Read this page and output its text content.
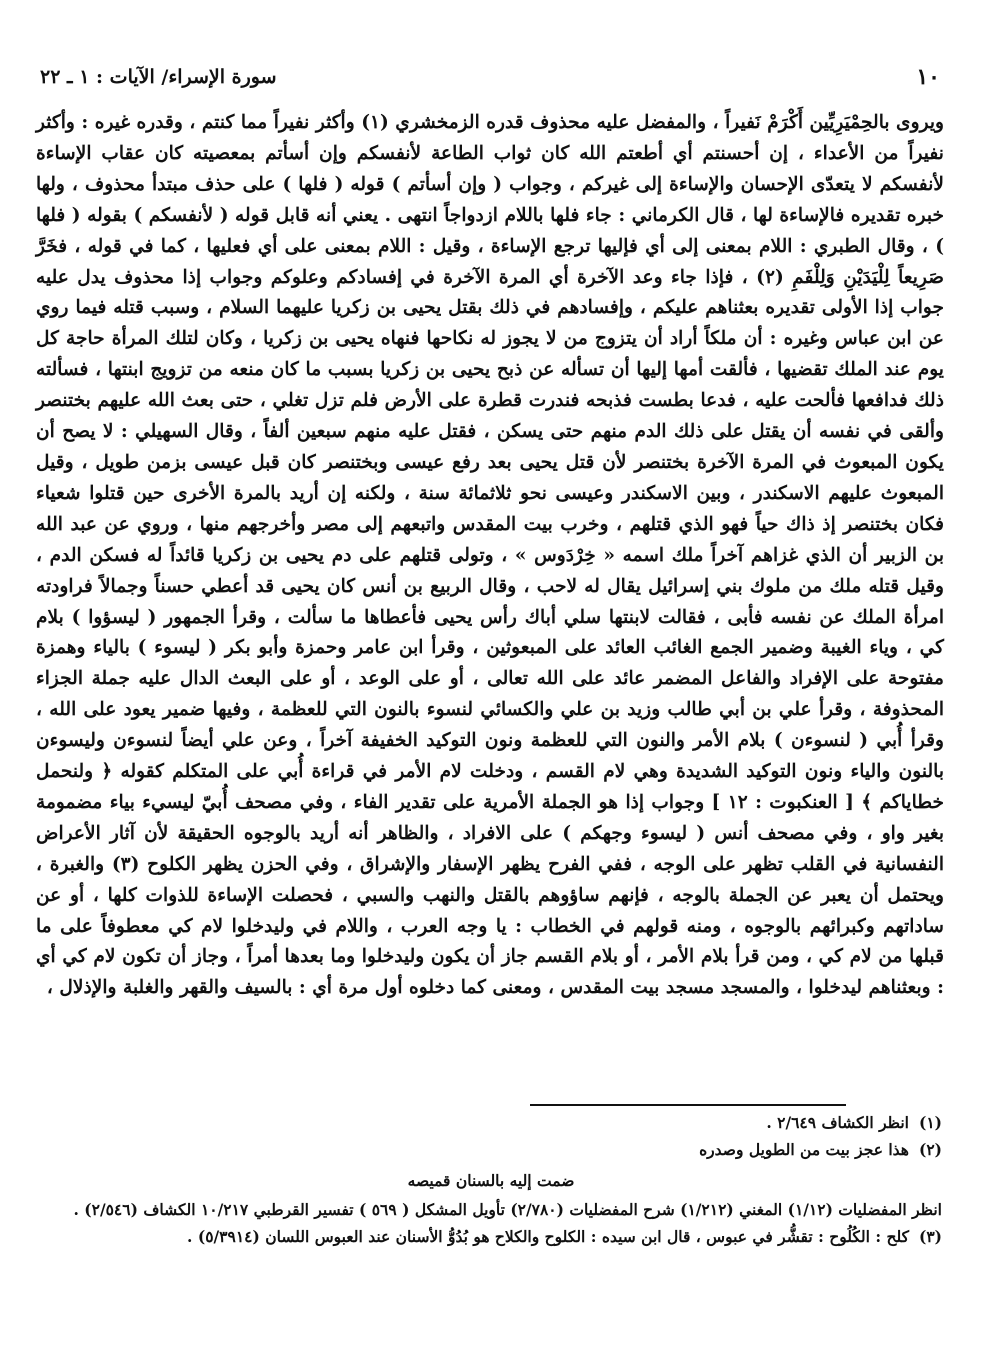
١٠
سورة الإسراء/ الآيات : ١ ـ ٢٢

ويروى بالحِمْيَرِيِّين أَكْرَمْ نَفيراً ، والمفضل عليه محذوف قدره الزمخشري (١) وأكثر نفيراً مما كنتم ، وقدره غيره : وأكثر نفيراً من الأعداء ، إن أحسنتم أي أطعتم الله كان ثواب الطاعة لأنفسكم وإن أسأتم بمعصيته كان عقاب الإساءة لأنفسكم لا يتعدّى الإحسان والإساءة إلى غيركم ، وجواب ( وإن أسأتم ) قوله ( فلها ) على حذف مبتدأ محذوف ، ولها خبره تقديره فالإساءة لها ، قال الكرماني : جاء فلها باللام ازدواجاً انتهى . يعني أنه قابل قوله ( لأنفسكم ) بقوله ( فلها ) ، وقال الطبري : اللام بمعنى إلى أي فإليها ترجع الإساءة ، وقيل : اللام بمعنى على أي فعليها ، كما في قوله ، فخَرَّ صَرِيعاً لِلْيَدَيْنِ وَلِلْفَمِ (٢) ، فإذا جاء وعد الآخرة أي المرة الآخرة في إفسادكم وعلوكم وجواب إذا محذوف يدل عليه جواب إذا الأولى تقديره بعثناهم عليكم ، وإفسادهم في ذلك بقتل يحيى بن زكريا عليهما السلام ، وسبب قتله فيما روي عن ابن عباس وغيره : أن ملكاً أراد أن يتزوج من لا يجوز له نكاحها فنهاه يحيى بن زكريا ، وكان لتلك المرأة حاجة كل يوم عند الملك تقضيها ، فألقت أمها إليها أن تسأله عن ذبح يحيى بن زكريا بسبب ما كان منعه من تزويج ابنتها ، فسألته ذلك فدافعها فألحت عليه ، فدعا بطست فذبحه فندرت قطرة على الأرض فلم تزل تغلي ، حتى بعث الله عليهم بختنصر وألقى في نفسه أن يقتل على ذلك الدم منهم حتى يسكن ، فقتل عليه منهم سبعين ألفاً ، وقال السهيلي : لا يصح أن يكون المبعوث في المرة الآخرة بختنصر لأن قتل يحيى بعد رفع عيسى وبختنصر كان قبل عيسى بزمن طويل ، وقيل المبعوث عليهم الاسكندر ، وبين الاسكندر وعيسى نحو ثلاثمائة سنة ، ولكنه إن أريد بالمرة الأخرى حين قتلوا شعياء فكان بختنصر إذ ذاك حياً فهو الذي قتلهم ، وخرب بيت المقدس واتبعهم إلى مصر وأخرجهم منها ، وروي عن عبد الله بن الزبير أن الذي غزاهم آخراً ملك اسمه « خِرْدَوس » ، وتولى قتلهم على دم يحيى بن زكريا قائداً له فسكن الدم ، وقيل قتله ملك من ملوك بني إسرائيل يقال له لاحب ، وقال الربيع بن أنس كان يحيى قد أعطي حسناً وجمالاً فراودته امرأة الملك عن نفسه فأبى ، فقالت لابنتها سلي أباك رأس يحيى فأعطاها ما سألت ، وقرأ الجمهور ( ليسؤوا ) بلام كي ، وياء الغيبة وضمير الجمع الغائب العائد على المبعوثين ، وقرأ ابن عامر وحمزة وأبو بكر ( ليسوء ) بالياء وهمزة مفتوحة على الإفراد والفاعل المضمر عائد على الله تعالى ، أو على الوعد ، أو على البعث الدال عليه جملة الجزاء المحذوفة ، وقرأ علي بن أبي طالب وزيد بن علي والكسائي لنسوء بالنون التي للعظمة ، وفيها ضمير يعود على الله ، وقرأ أُبي ( لنسوءن ) بلام الأمر والنون التي للعظمة ونون التوكيد الخفيفة آخراً ، وعن علي أيضاً لنسوءن وليسوءن بالنون والياء ونون التوكيد الشديدة وهي لام القسم ، ودخلت لام الأمر في قراءة أُبي على المتكلم كقوله ﴿ ولنحمل خطاياكم ﴾ [ العنكبوت : ١٢ ] وجواب إذا هو الجملة الأمرية على تقدير الفاء ، وفي مصحف أُبيّ ليسيء بياء مضمومة بغير واو ، وفي مصحف أنس ( ليسوء وجهكم ) على الافراد ، والظاهر أنه أريد بالوجوه الحقيقة لأن آثار الأعراض النفسانية في القلب تظهر على الوجه ، ففي الفرح يظهر الإسفار والإشراق ، وفي الحزن يظهر الكلوح (٣) والغبرة ، ويحتمل أن يعبر عن الجملة بالوجه ، فإنهم ساؤوهم بالقتل والنهب والسبي ، فحصلت الإساءة للذوات كلها ، أو عن ساداتهم وكبرائهم بالوجوه ، ومنه قولهم في الخطاب : يا وجه العرب ، واللام في وليدخلوا لام كي معطوفاً على ما قبلها من لام كي ، ومن قرأ بلام الأمر ، أو بلام القسم جاز أن يكون وليدخلوا وما بعدها أمراً ، وجاز أن تكون لام كي أي : وبعثناهم ليدخلوا ، والمسجد مسجد بيت المقدس ، ومعنى كما دخلوه أول مرة أي : بالسيف والقهر والغلبة والإذلال ،

(١)انظر الكشاف ٢/٦٤٩ .

(٢)هذا عجز بيت من الطويل وصدره

ضمت إليه بالسنان قميصه

انظر المفضليات (١/١٢) المغني (١/٢١٢) شرح المفضليات (٢/٧٨٠) تأويل المشكل ( ٥٦٩ ) تفسير القرطبي ١٠/٢١٧ الكشاف (٢/٥٤٦) .

(٣)كلح : الكُلُوح : تقشُّر في عبوس ، قال ابن سيده : الكلوح والكلاح هو بُدُوُّ الأسنان عند العبوس اللسان (٥/٣٩١٤) .
